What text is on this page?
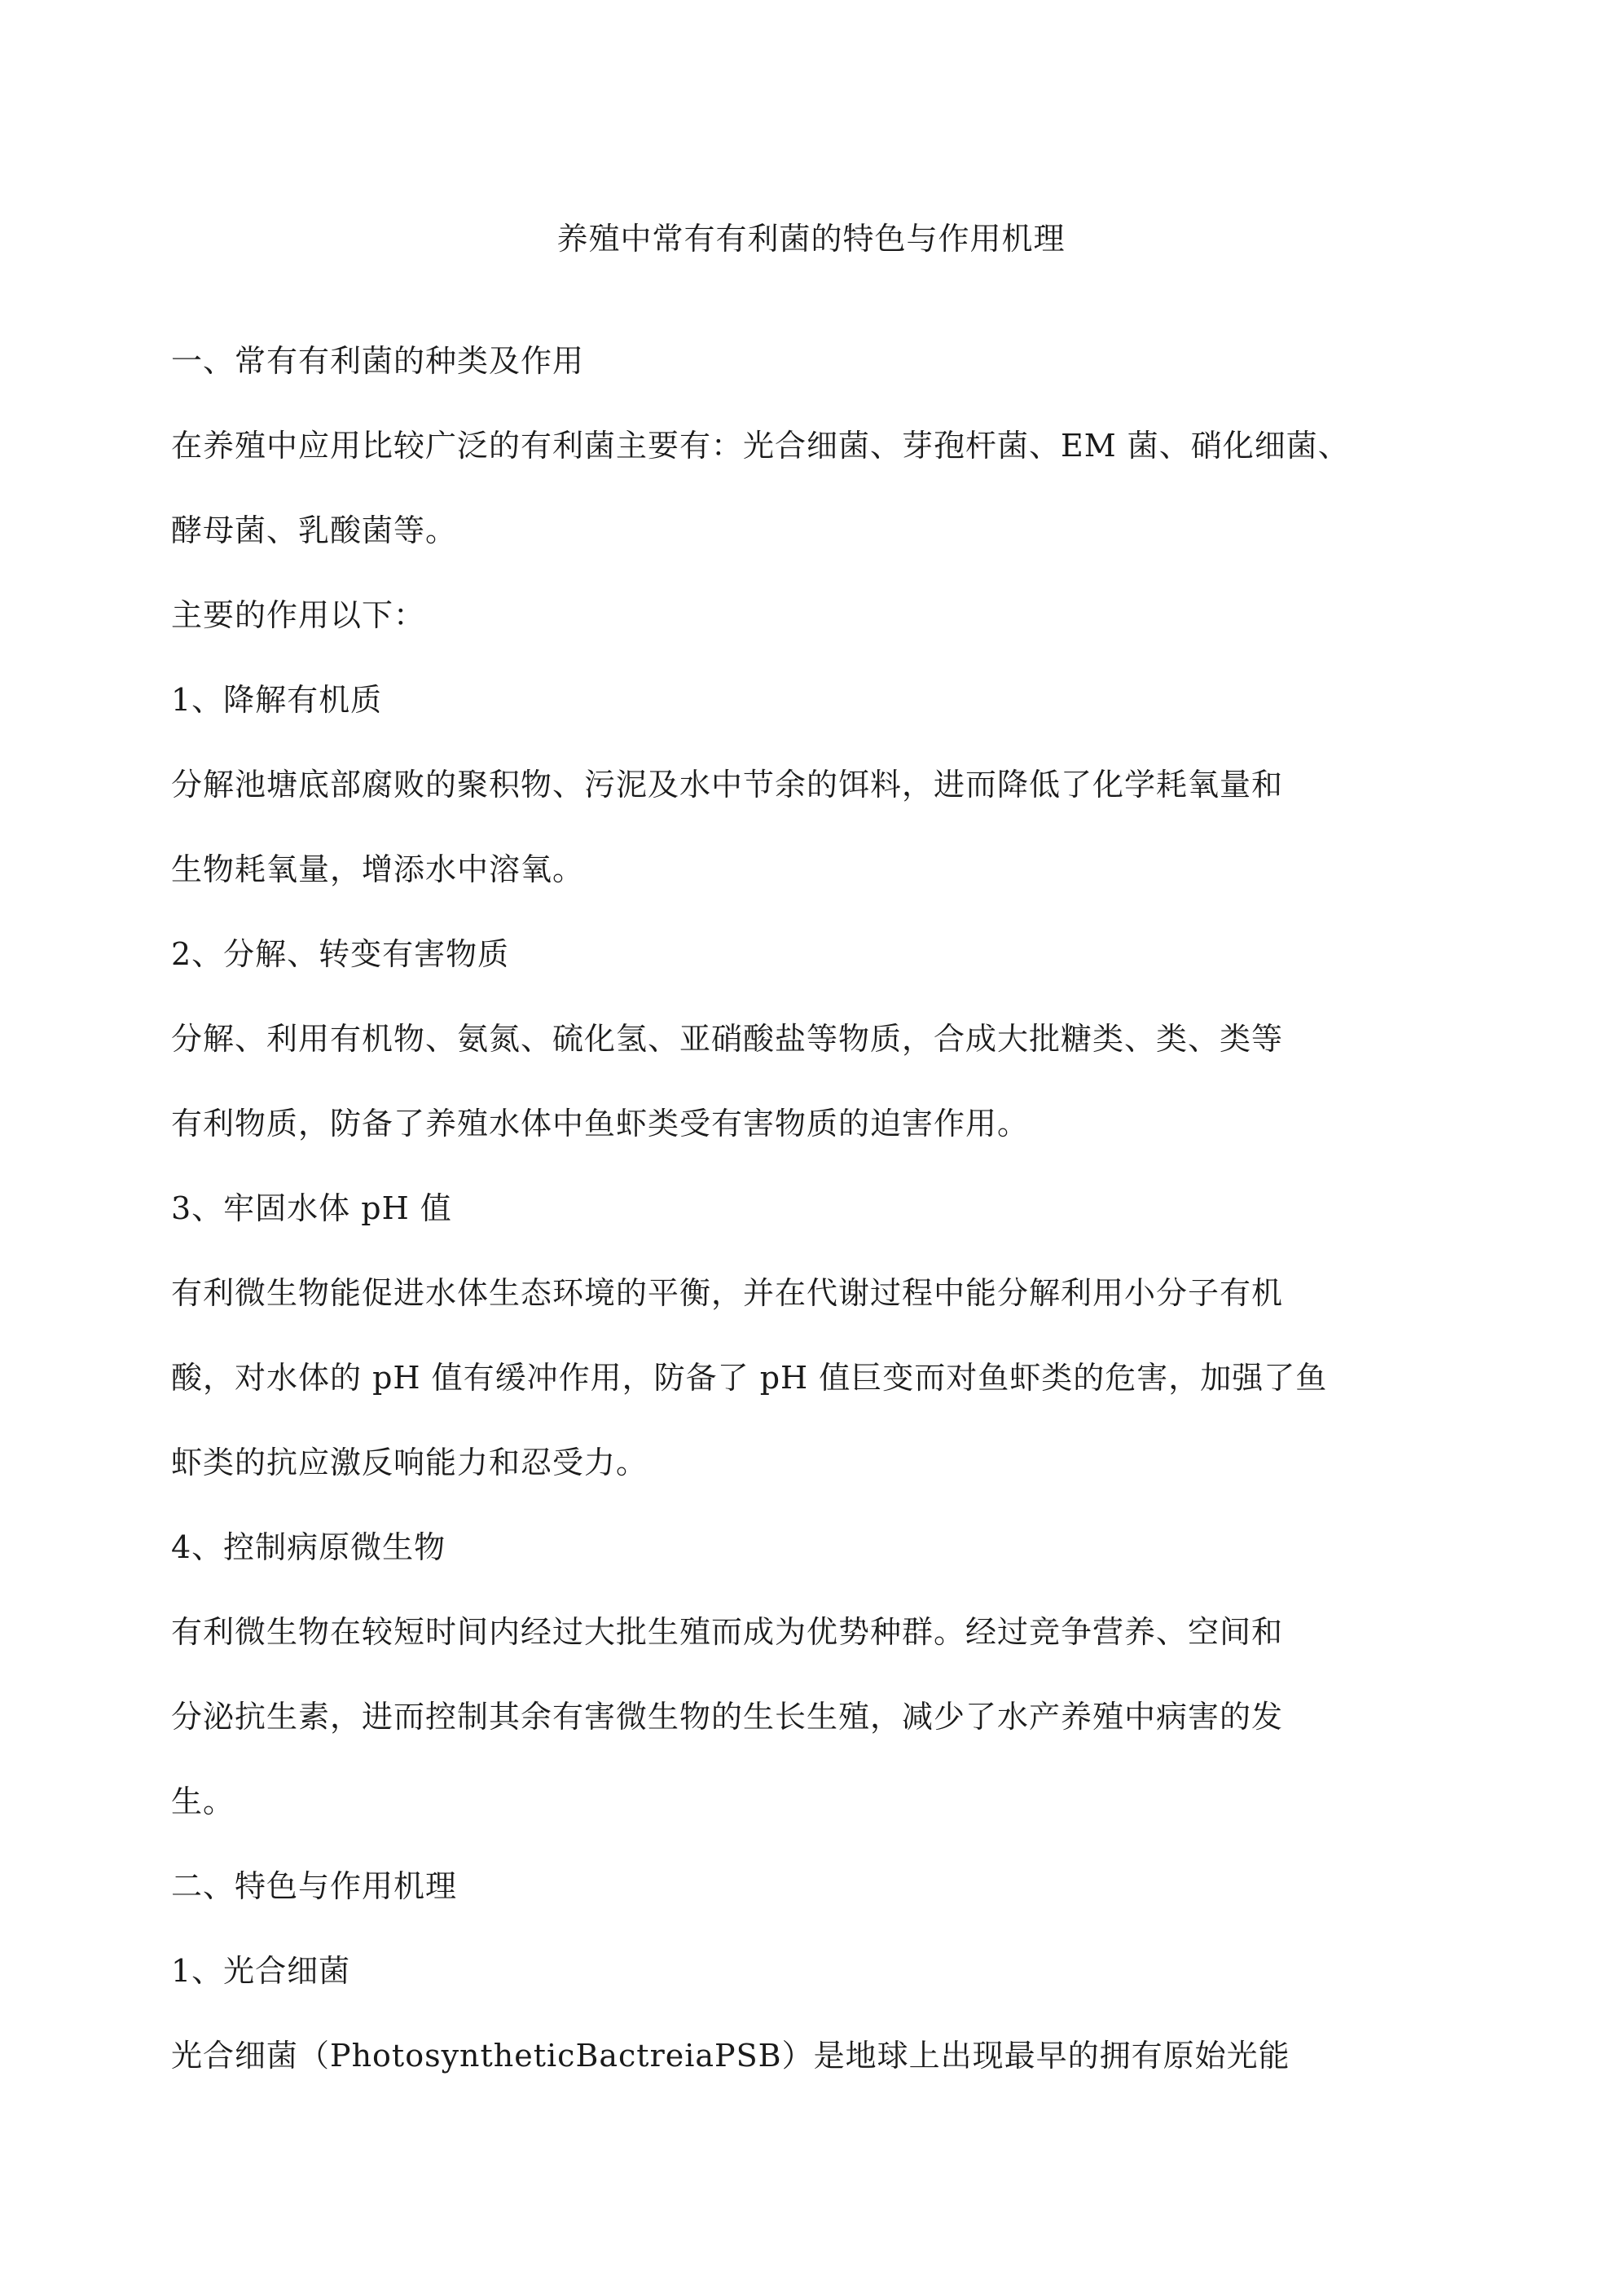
养殖中常有有利菌的特色与作用机理
一、常有有利菌的种类及作用
在养殖中应用比较广泛的有利菌主要有：光合细菌、芽孢杆菌、EM 菌、硝化细菌、
酵母菌、乳酸菌等。
主要的作用以下：
1、降解有机质
分解池塘底部腐败的聚积物、污泥及水中节余的饵料，进而降低了化学耗氧量和
生物耗氧量，增添水中溶氧。
2、分解、转变有害物质
分解、利用有机物、氨氮、硫化氢、亚硝酸盐等物质，合成大批糖类、类、类等
有利物质，防备了养殖水体中鱼虾类受有害物质的迫害作用。
3、牢固水体 pH 值
有利微生物能促进水体生态环境的平衡，并在代谢过程中能分解利用小分子有机
酸，对水体的 pH 值有缓冲作用，防备了 pH 值巨变而对鱼虾类的危害，加强了鱼
虾类的抗应激反响能力和忍受力。
4、控制病原微生物
有利微生物在较短时间内经过大批生殖而成为优势种群。经过竞争营养、空间和
分泌抗生素，进而控制其余有害微生物的生长生殖，减少了水产养殖中病害的发
生。
二、特色与作用机理
1、光合细菌
光合细菌（PhotosyntheticBactreiaPSB）是地球上出现最早的拥有原始光能
